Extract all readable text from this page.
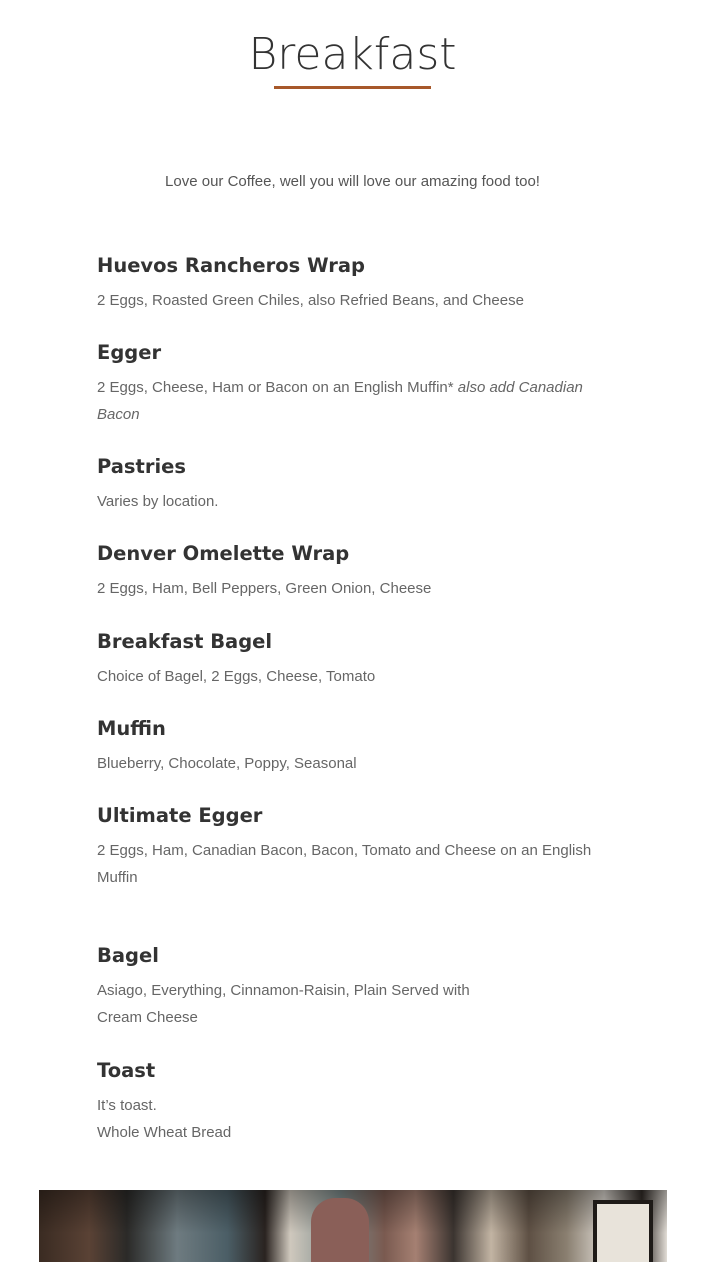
Breakfast
Love our Coffee, well you will love our amazing food too!
Huevos Rancheros Wrap

2 Eggs, Roasted Green Chiles, also Refried Beans, and Cheese

Egger

2 Eggs, Cheese, Ham or Bacon on an English Muffin* also add Canadian Bacon

Pastries

Varies by location.

Denver Omelette Wrap

2 Eggs, Ham, Bell Peppers, Green Onion, Cheese

Breakfast Bagel

Choice of Bagel, 2 Eggs, Cheese, Tomato

Muffin

Blueberry, Chocolate, Poppy, Seasonal

Ultimate Egger

2 Eggs, Ham, Canadian Bacon, Bacon, Tomato and Cheese on an English Muffin

Bagel

Asiago, Everything, Cinnamon-Raisin, Plain Served with

Cream Cheese

Toast

It’s toast.

Whole Wheat Bread
